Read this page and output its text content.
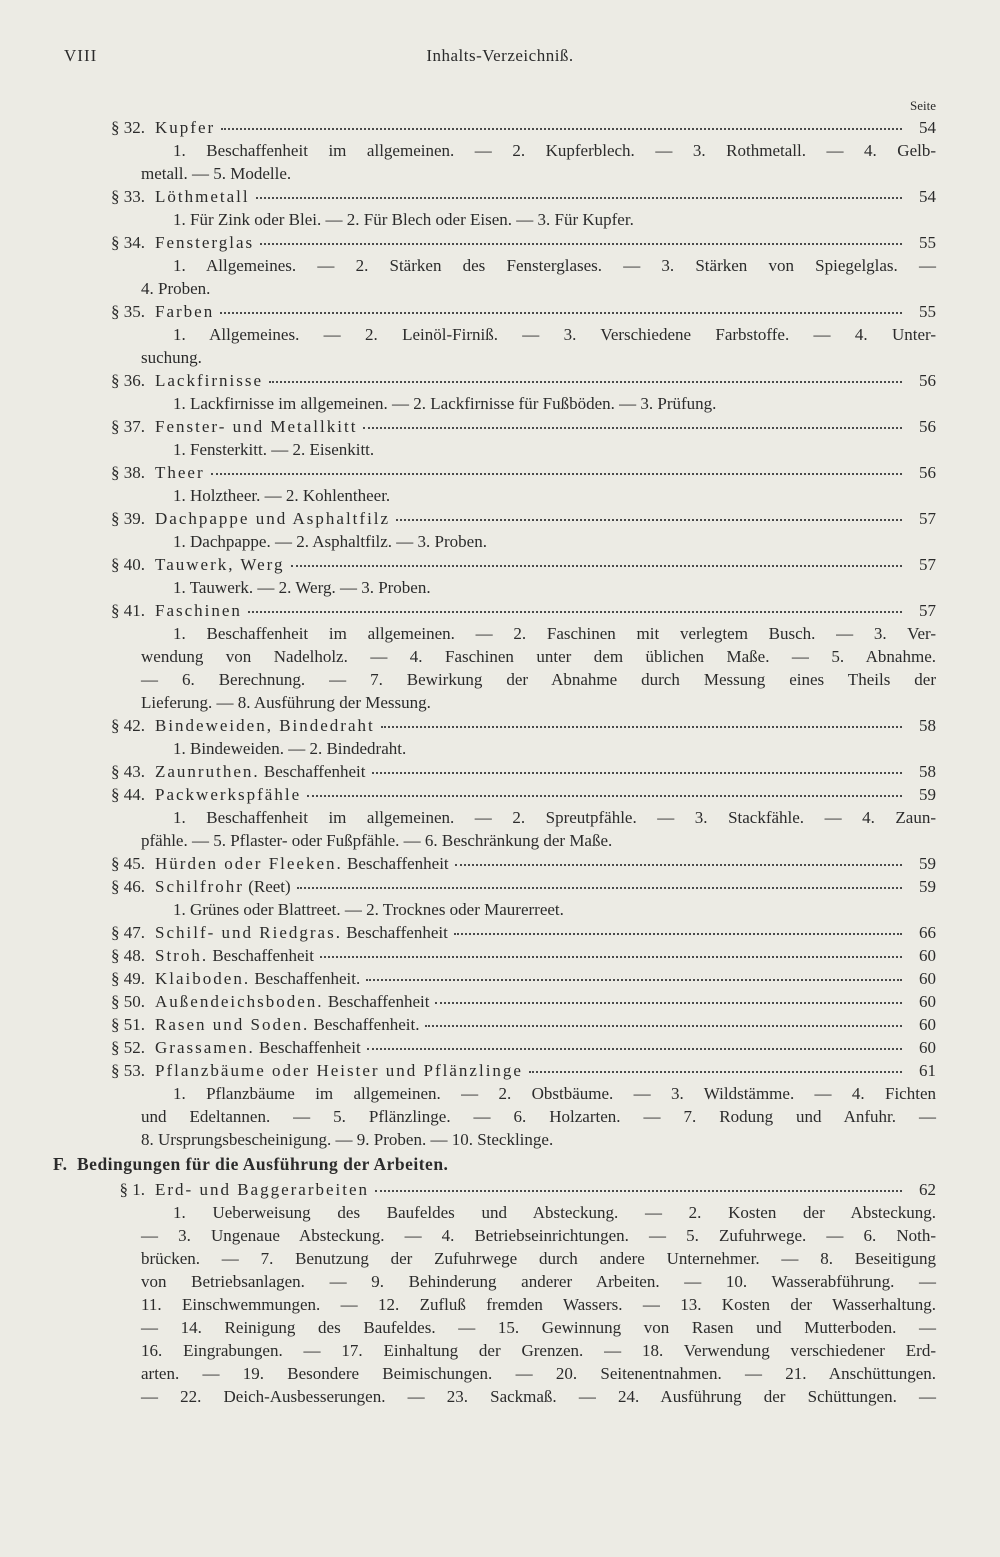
VIII	Inhalts-Verzeichniß.
Seite
§ 32. Kupfer	54
1. Beschaffenheit im allgemeinen. — 2. Kupferblech. — 3. Rothmetall. — 4. Gelb-
metall. — 5. Modelle.
§ 33. Löthmetall	54
1. Für Zink oder Blei. — 2. Für Blech oder Eisen. — 3. Für Kupfer.
§ 34. Fensterglas	55
1. Allgemeines. — 2. Stärken des Fensterglases. — 3. Stärken von Spiegelglas. —
4. Proben.
§ 35. Farben	55
1. Allgemeines. — 2. Leinöl-Firniß. — 3. Verschiedene Farbstoffe. — 4. Unter-
suchung.
§ 36. Lackfirnisse	56
1. Lackfirnisse im allgemeinen. — 2. Lackfirnisse für Fußböden. — 3. Prüfung.
§ 37. Fenster- und Metallkitt	56
1. Fensterkitt. — 2. Eisenkitt.
§ 38. Theer	56
1. Holztheer. — 2. Kohlentheer.
§ 39. Dachpappe und Asphaltfilz	57
1. Dachpappe. — 2. Asphaltfilz. — 3. Proben.
§ 40. Tauwerk, Werg	57
1. Tauwerk. — 2. Werg. — 3. Proben.
§ 41. Faschinen	57
1. Beschaffenheit im allgemeinen. — 2. Faschinen mit verlegtem Busch. — 3. Ver-
wendung von Nadelholz. — 4. Faschinen unter dem üblichen Maße. — 5. Abnahme.
— 6. Berechnung. — 7. Bewirkung der Abnahme durch Messung eines Theils der
Lieferung. — 8. Ausführung der Messung.
§ 42. Bindeweiden, Bindedraht	58
1. Bindeweiden. — 2. Bindedraht.
§ 43. Zaunruthen. Beschaffenheit	58
§ 44. Packwerkspfähle	59
1. Beschaffenheit im allgemeinen. — 2. Spreutpfähle. — 3. Stackfähle. — 4. Zaun-
pfähle. — 5. Pflaster- oder Fußpfähle. — 6. Beschränkung der Maße.
§ 45. Hürden oder Fleeken. Beschaffenheit	59
§ 46. Schilfrohr (Reet)	59
1. Grünes oder Blattreet. — 2. Trocknes oder Maurerreet.
§ 47. Schilf- und Riedgras. Beschaffenheit	66
§ 48. Stroh. Beschaffenheit	60
§ 49. Klaiboden. Beschaffenheit.	60
§ 50. Außendeichsboden. Beschaffenheit	60
§ 51. Rasen und Soden. Beschaffenheit.	60
§ 52. Grassamen. Beschaffenheit	60
§ 53. Pflanzbäume oder Heister und Pflänzlinge	61
1. Pflanzbäume im allgemeinen. — 2. Obstbäume. — 3. Wildstämme. — 4. Fichten
und Edeltannen. — 5. Pflänzlinge. — 6. Holzarten. — 7. Rodung und Anfuhr. —
8. Ursprungsbescheinigung. — 9. Proben. — 10. Stecklinge.
F. Bedingungen für die Ausführung der Arbeiten.
§ 1. Erd- und Baggerarbeiten	62
1. Ueberweisung des Baufeldes und Absteckung. — 2. Kosten der Absteckung.
— 3. Ungenaue Absteckung. — 4. Betriebseinrichtungen. — 5. Zufuhrwege. — 6. Noth-
brücken. — 7. Benutzung der Zufuhrwege durch andere Unternehmer. — 8. Beseitigung
von Betriebsanlagen. — 9. Behinderung anderer Arbeiten. — 10. Wasserabführung. —
11. Einschwemmungen. — 12. Zufluß fremden Wassers. — 13. Kosten der Wasserhaltung.
— 14. Reinigung des Baufeldes. — 15. Gewinnung von Rasen und Mutterboden. —
16. Eingrabungen. — 17. Einhaltung der Grenzen. — 18. Verwendung verschiedener Erd-
arten. — 19. Besondere Beimischungen. — 20. Seitenentnahmen. — 21. Anschüttungen.
— 22. Deich-Ausbesserungen. — 23. Sackmaß. — 24. Ausführung der Schüttungen. —
